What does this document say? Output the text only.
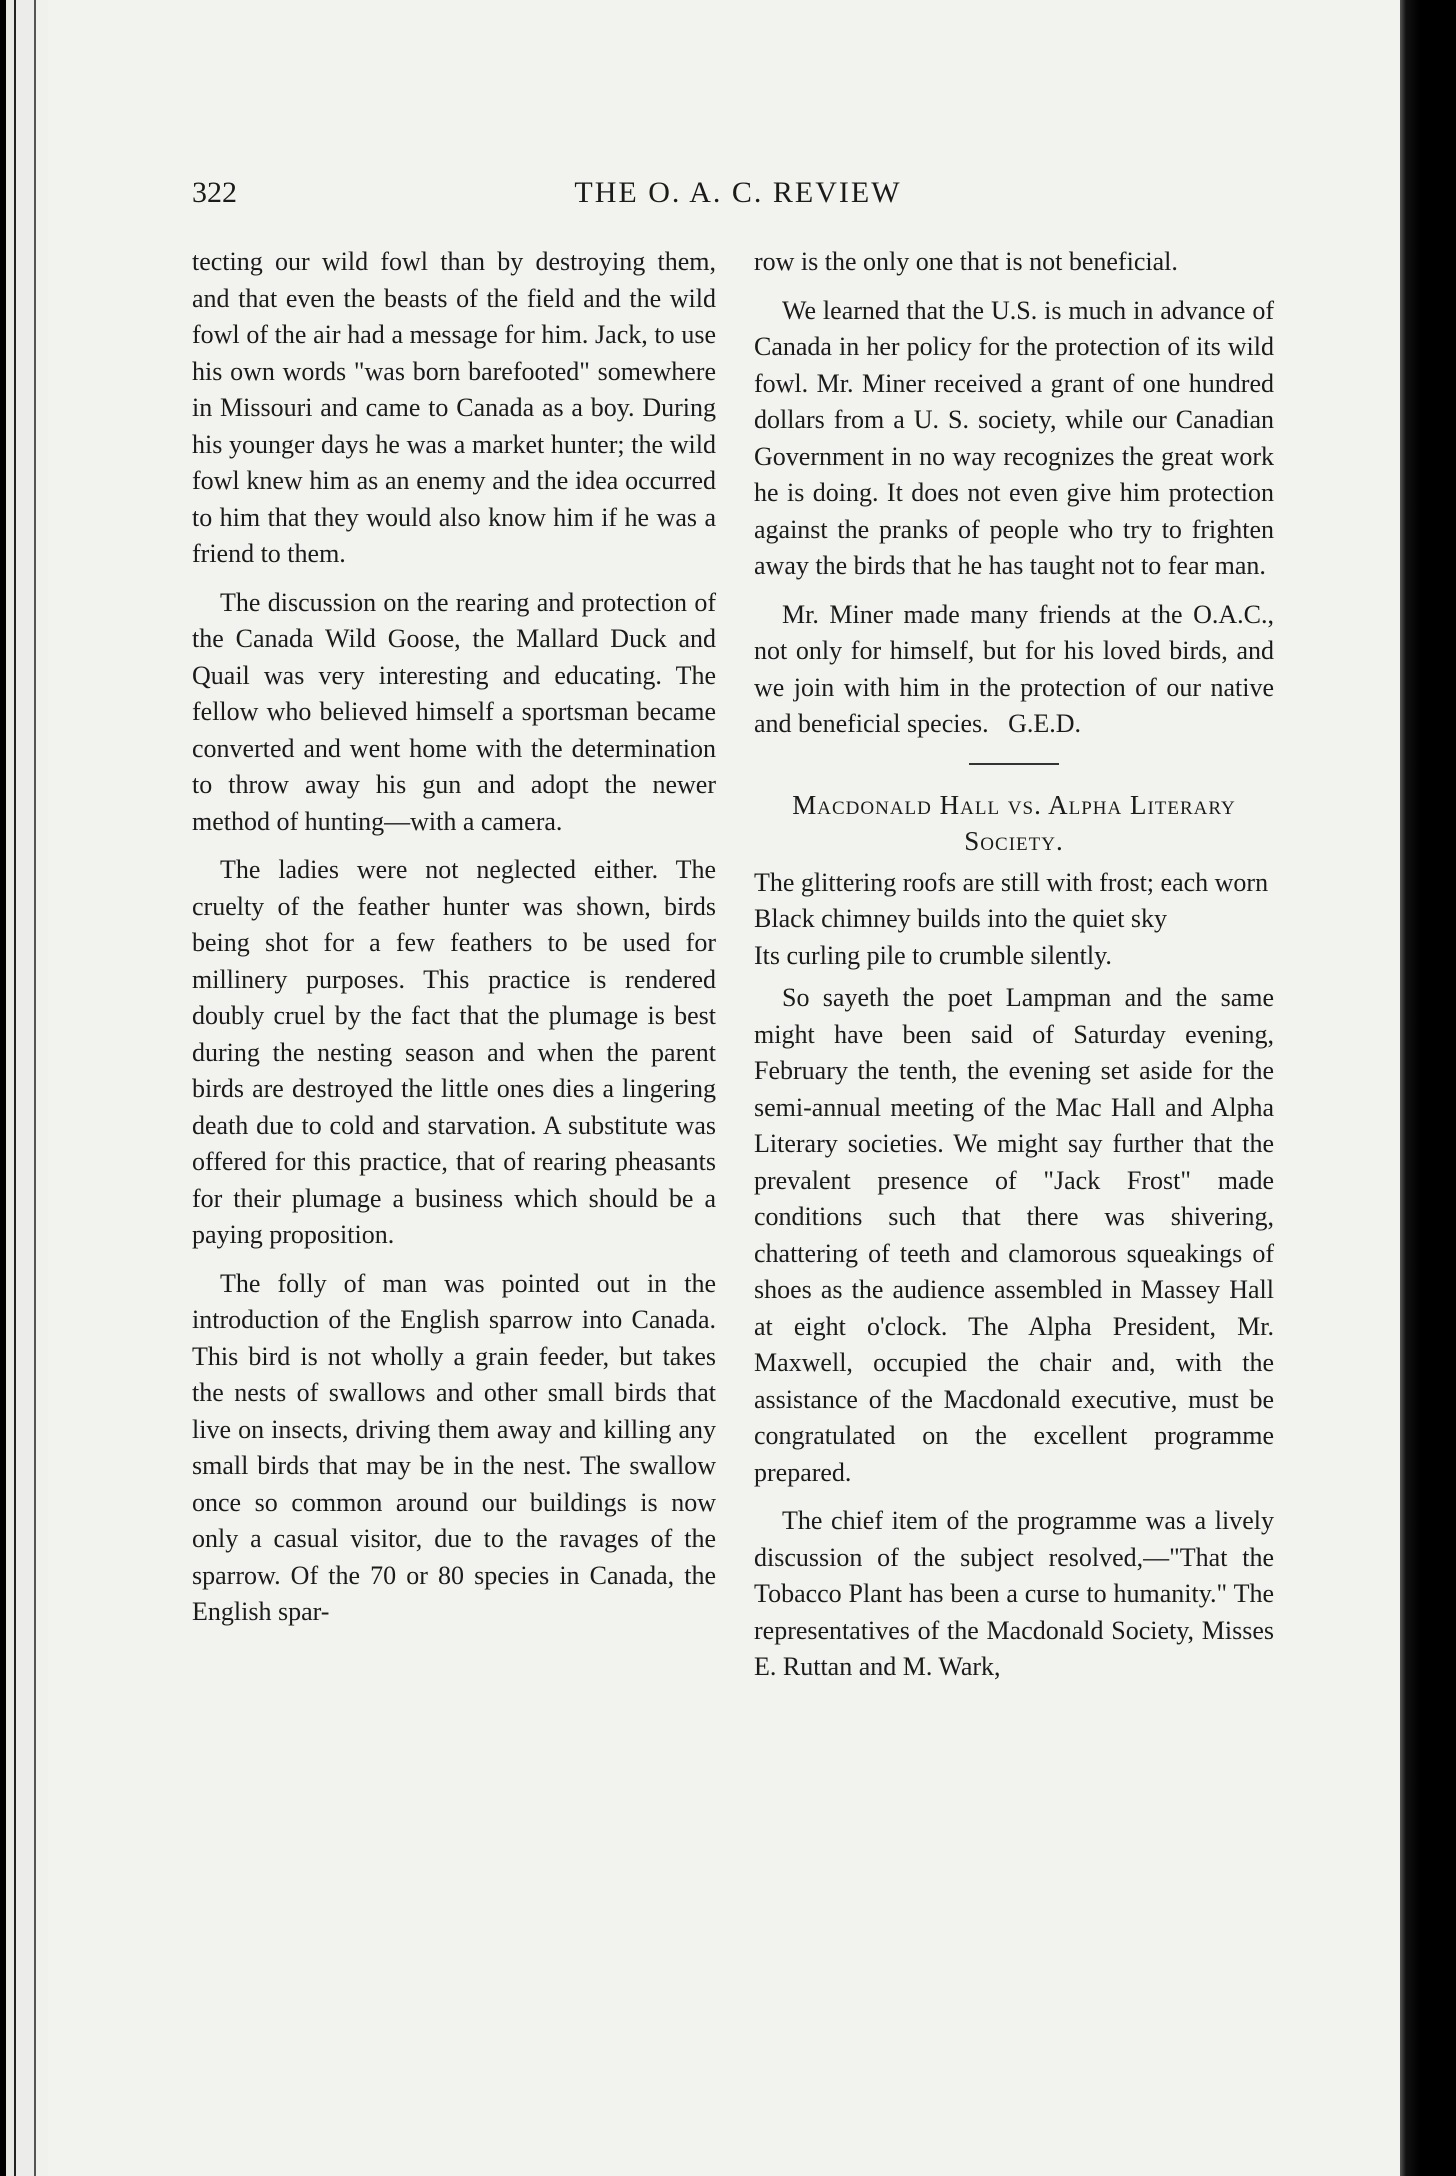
322	THE O. A. C. REVIEW

tecting our wild fowl than by destroying them, and that even the beasts of the field and the wild fowl of the air had a message for him. Jack, to use his own words "was born barefooted" somewhere in Missouri and came to Canada as a boy. During his younger days he was a market hunter; the wild fowl knew him as an enemy and the idea occurred to him that they would also know him if he was a friend to them.

The discussion on the rearing and protection of the Canada Wild Goose, the Mallard Duck and Quail was very interesting and educating. The fellow who believed himself a sportsman became converted and went home with the determination to throw away his gun and adopt the newer method of hunting—with a camera.

The ladies were not neglected either. The cruelty of the feather hunter was shown, birds being shot for a few feathers to be used for millinery purposes. This practice is rendered doubly cruel by the fact that the plumage is best during the nesting season and when the parent birds are destroyed the little ones dies a lingering death due to cold and starvation. A substitute was offered for this practice, that of rearing pheasants for their plumage a business which should be a paying proposition.

The folly of man was pointed out in the introduction of the English sparrow into Canada. This bird is not wholly a grain feeder, but takes the nests of swallows and other small birds that live on insects, driving them away and killing any small birds that may be in the nest. The swallow once so common around our buildings is now only a casual visitor, due to the ravages of the sparrow. Of the 70 or 80 species in Canada, the English spar-

row is the only one that is not beneficial.

We learned that the U.S. is much in advance of Canada in her policy for the protection of its wild fowl. Mr. Miner received a grant of one hundred dollars from a U. S. society, while our Canadian Government in no way recognizes the great work he is doing. It does not even give him protection against the pranks of people who try to frighten away the birds that he has taught not to fear man.

Mr. Miner made many friends at the O.A.C., not only for himself, but for his loved birds, and we join with him in the protection of our native and beneficial species. G.E.D.

Macdonald Hall vs. Alpha Literary Society.
The glittering roofs are still with frost; each worn
Black chimney builds into the quiet sky
Its curling pile to crumble silently.

So sayeth the poet Lampman and the same might have been said of Saturday evening, February the tenth, the evening set aside for the semi-annual meeting of the Mac Hall and Alpha Literary societies. We might say further that the prevalent presence of "Jack Frost" made conditions such that there was shivering, chattering of teeth and clamorous squeakings of shoes as the audience assembled in Massey Hall at eight o'clock. The Alpha President, Mr. Maxwell, occupied the chair and, with the assistance of the Macdonald executive, must be congratulated on the excellent programme prepared.

The chief item of the programme was a lively discussion of the subject resolved,—"That the Tobacco Plant has been a curse to humanity." The representatives of the Macdonald Society, Misses E. Ruttan and M. Wark,
